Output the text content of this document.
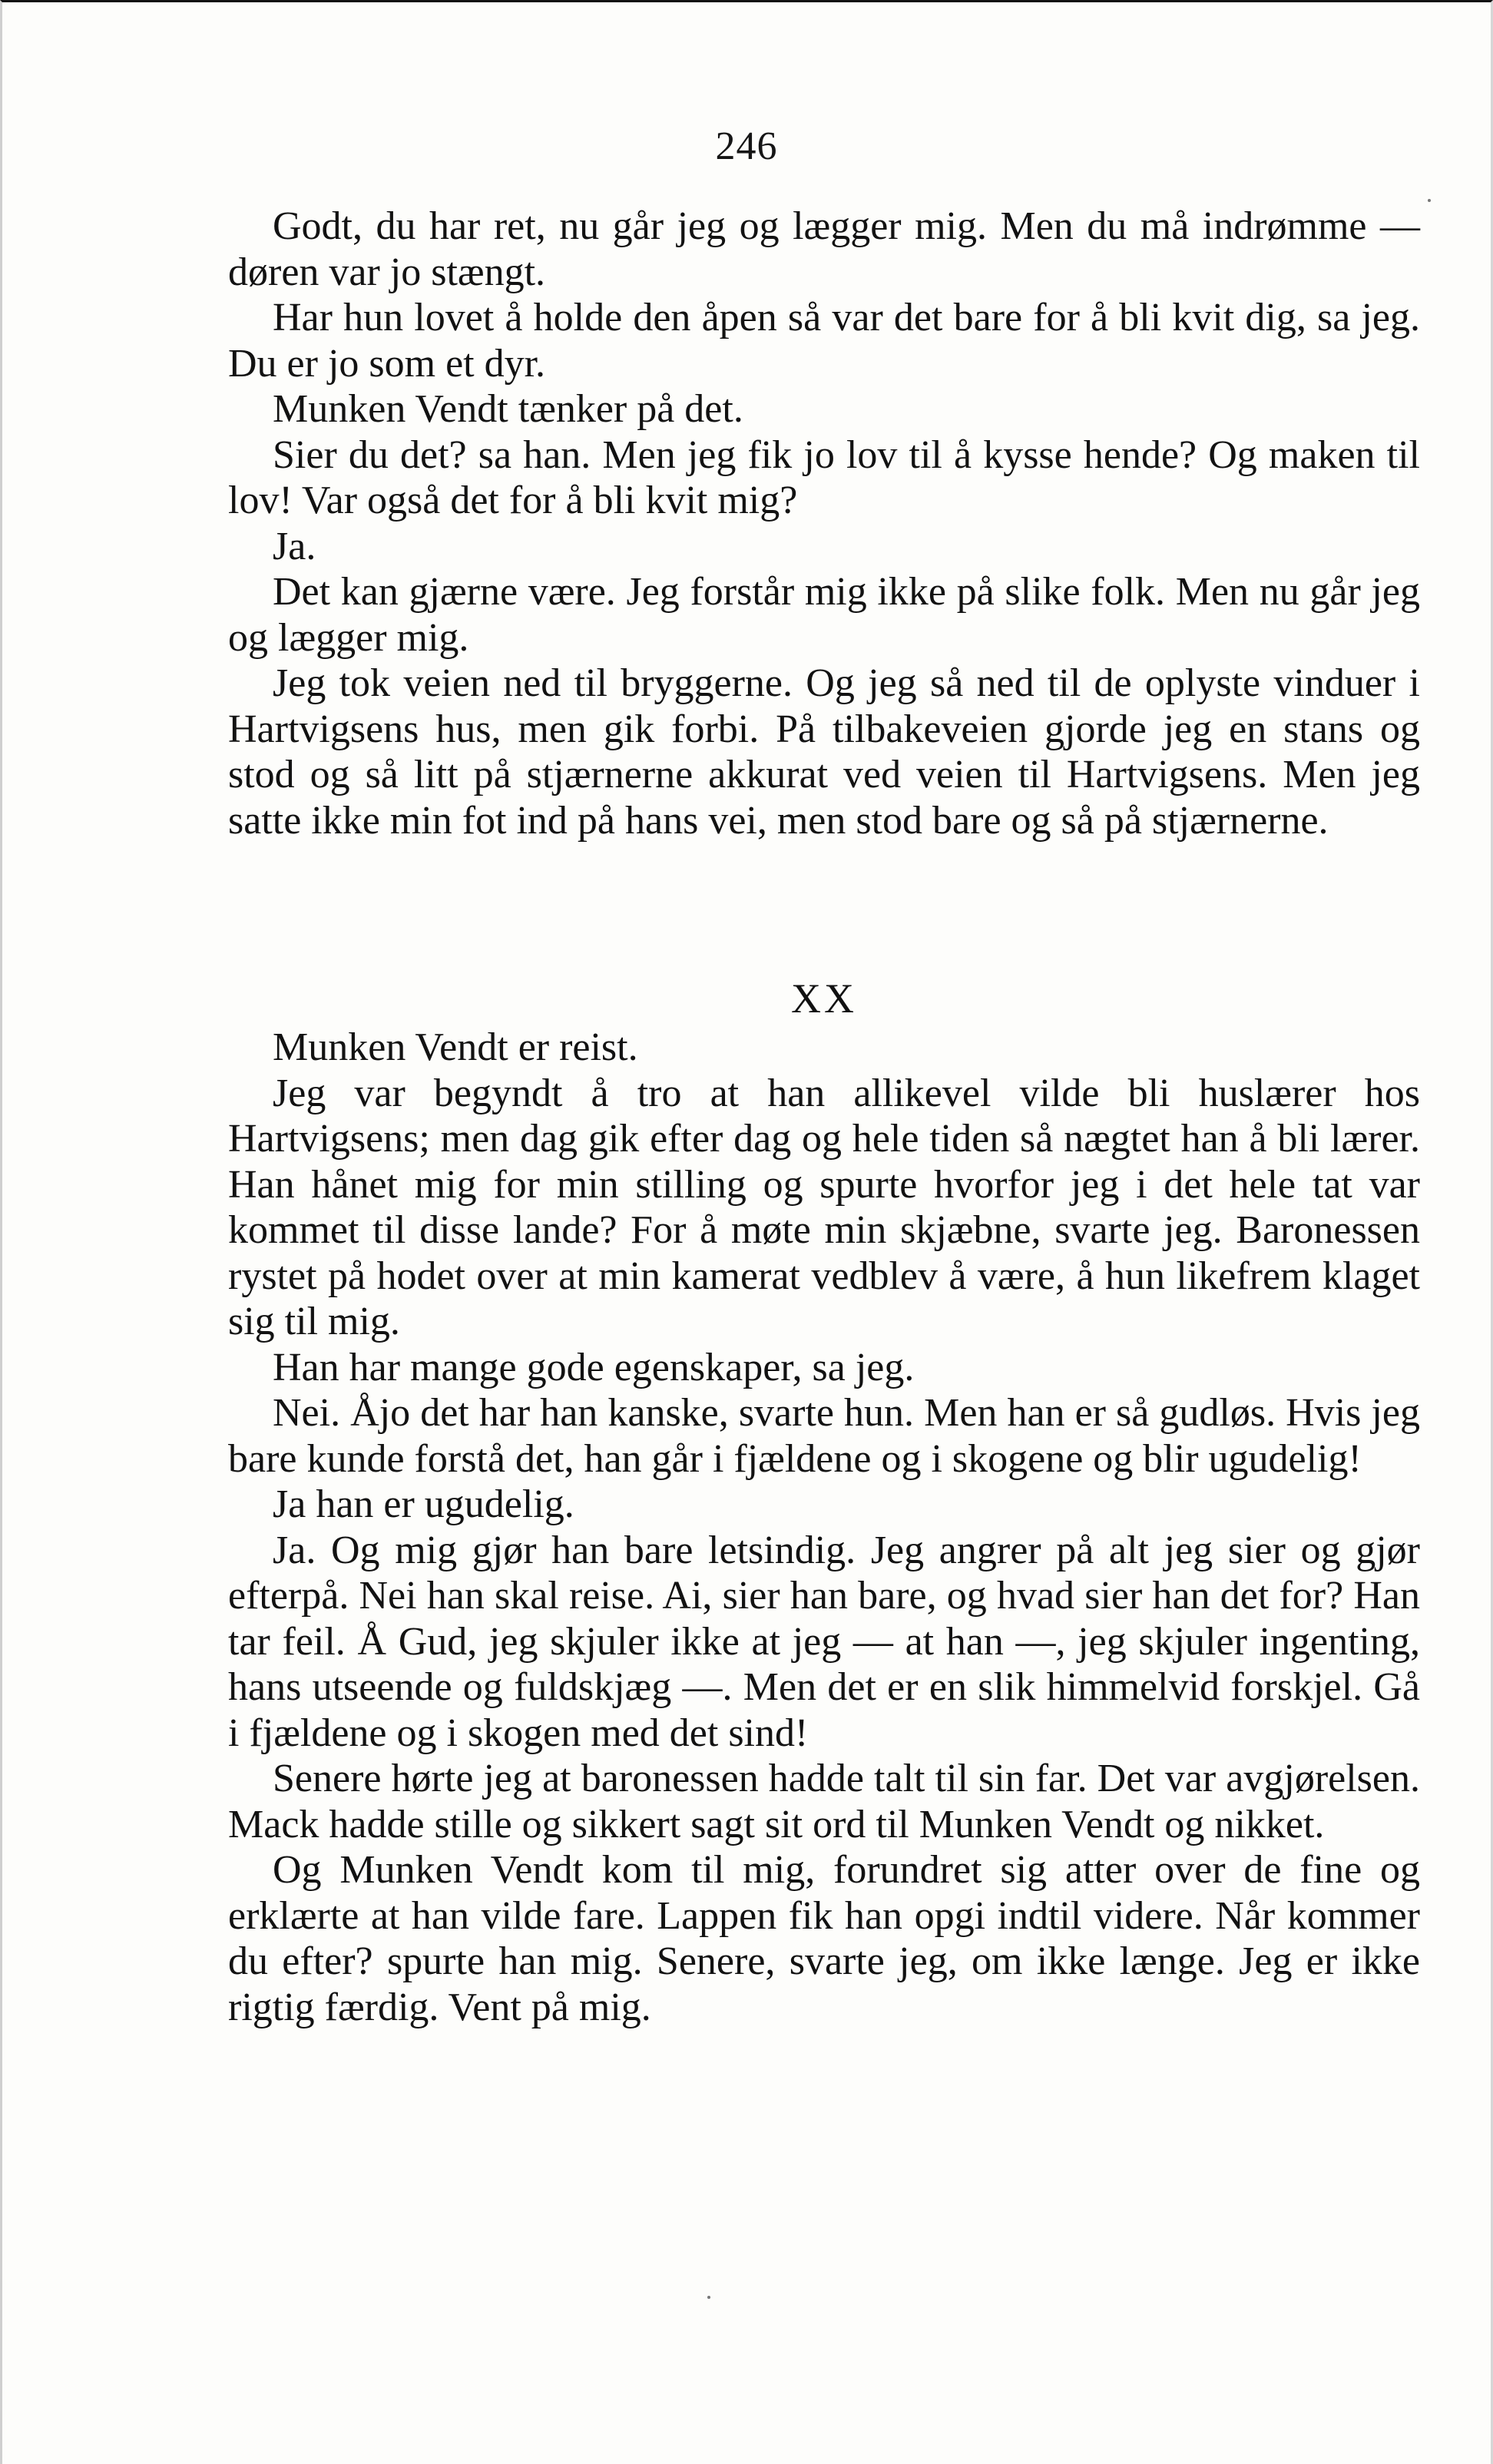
246

Godt, du har ret, nu går jeg og lægger mig. Men du må indrømme — døren var jo stængt.

Har hun lovet å holde den åpen så var det bare for å bli kvit dig, sa jeg. Du er jo som et dyr.

Munken Vendt tænker på det.

Sier du det? sa han. Men jeg fik jo lov til å kysse hende? Og maken til lov! Var også det for å bli kvit mig?

Ja.

Det kan gjærne være. Jeg forstår mig ikke på slike folk. Men nu går jeg og lægger mig.

Jeg tok veien ned til bryggerne. Og jeg så ned til de oplyste vinduer i Hartvigsens hus, men gik forbi. På tilbakeveien gjorde jeg en stans og stod og så litt på stjærnerne akkurat ved veien til Hartvigsens. Men jeg satte ikke min fot ind på hans vei, men stod bare og så på stjærnerne.

XX

Munken Vendt er reist.

Jeg var begyndt å tro at han allikevel vilde bli huslærer hos Hartvigsens; men dag gik efter dag og hele tiden så nægtet han å bli lærer. Han hånet mig for min stilling og spurte hvorfor jeg i det hele tat var kommet til disse lande? For å møte min skjæbne, svarte jeg. Baronessen rystet på hodet over at min kamerat vedblev å være, å hun likefrem klaget sig til mig.

Han har mange gode egenskaper, sa jeg.

Nei. Åjo det har han kanske, svarte hun. Men han er så gudløs. Hvis jeg bare kunde forstå det, han går i fjældene og i skogene og blir ugudelig!

Ja han er ugudelig.

Ja. Og mig gjør han bare letsindig. Jeg angrer på alt jeg sier og gjør efterpå. Nei han skal reise. Ai, sier han bare, og hvad sier han det for? Han tar feil. Å Gud, jeg skjuler ikke at jeg — at han —, jeg skjuler ingenting, hans utseende og fuldskjæg —. Men det er en slik himmelvid forskjel. Gå i fjældene og i skogen med det sind!

Senere hørte jeg at baronessen hadde talt til sin far. Det var avgjørelsen. Mack hadde stille og sikkert sagt sit ord til Munken Vendt og nikket.

Og Munken Vendt kom til mig, forundret sig atter over de fine og erklærte at han vilde fare. Lappen fik han opgi indtil videre. Når kommer du efter? spurte han mig. Senere, svarte jeg, om ikke længe. Jeg er ikke rigtig færdig. Vent på mig.
